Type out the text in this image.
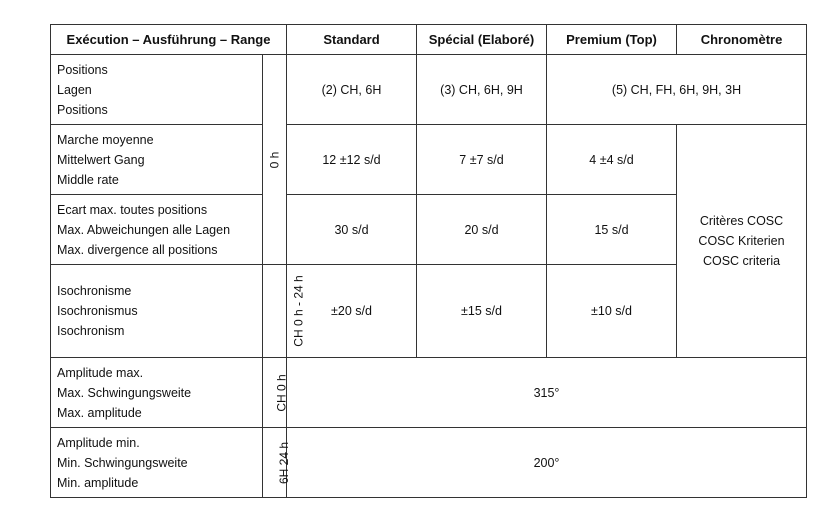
Exécution – Ausführung – Range		Standard	Spécial (Elaboré)	Premium (Top)	Chronomètre

Positions
Lagen
Positions	0 h	(2) CH, 6H	(3) CH, 6H, 9H	(5) CH, FH, 6H, 9H, 3H	

Marche moyenne
Mittelwert Gang
Middle rate		12 ±12 s/d	7 ±7 s/d	4 ±4 s/d	Critères COSC
COSC Kriterien
COSC criteria

Ecart max. toutes positions
Max. Abweichungen alle Lagen
Max. divergence all positions		30 s/d	20 s/d	15 s/d	

Isochronisme
Isochronismus
Isochronism	CH 0 h - 24 h	±20 s/d	±15 s/d	±10 s/d	

Amplitude max.
Max. Schwingungsweite
Max. amplitude	CH 0 h	315°			

Amplitude min.
Min. Schwingungsweite
Min. amplitude	6H 24 h	200°			
